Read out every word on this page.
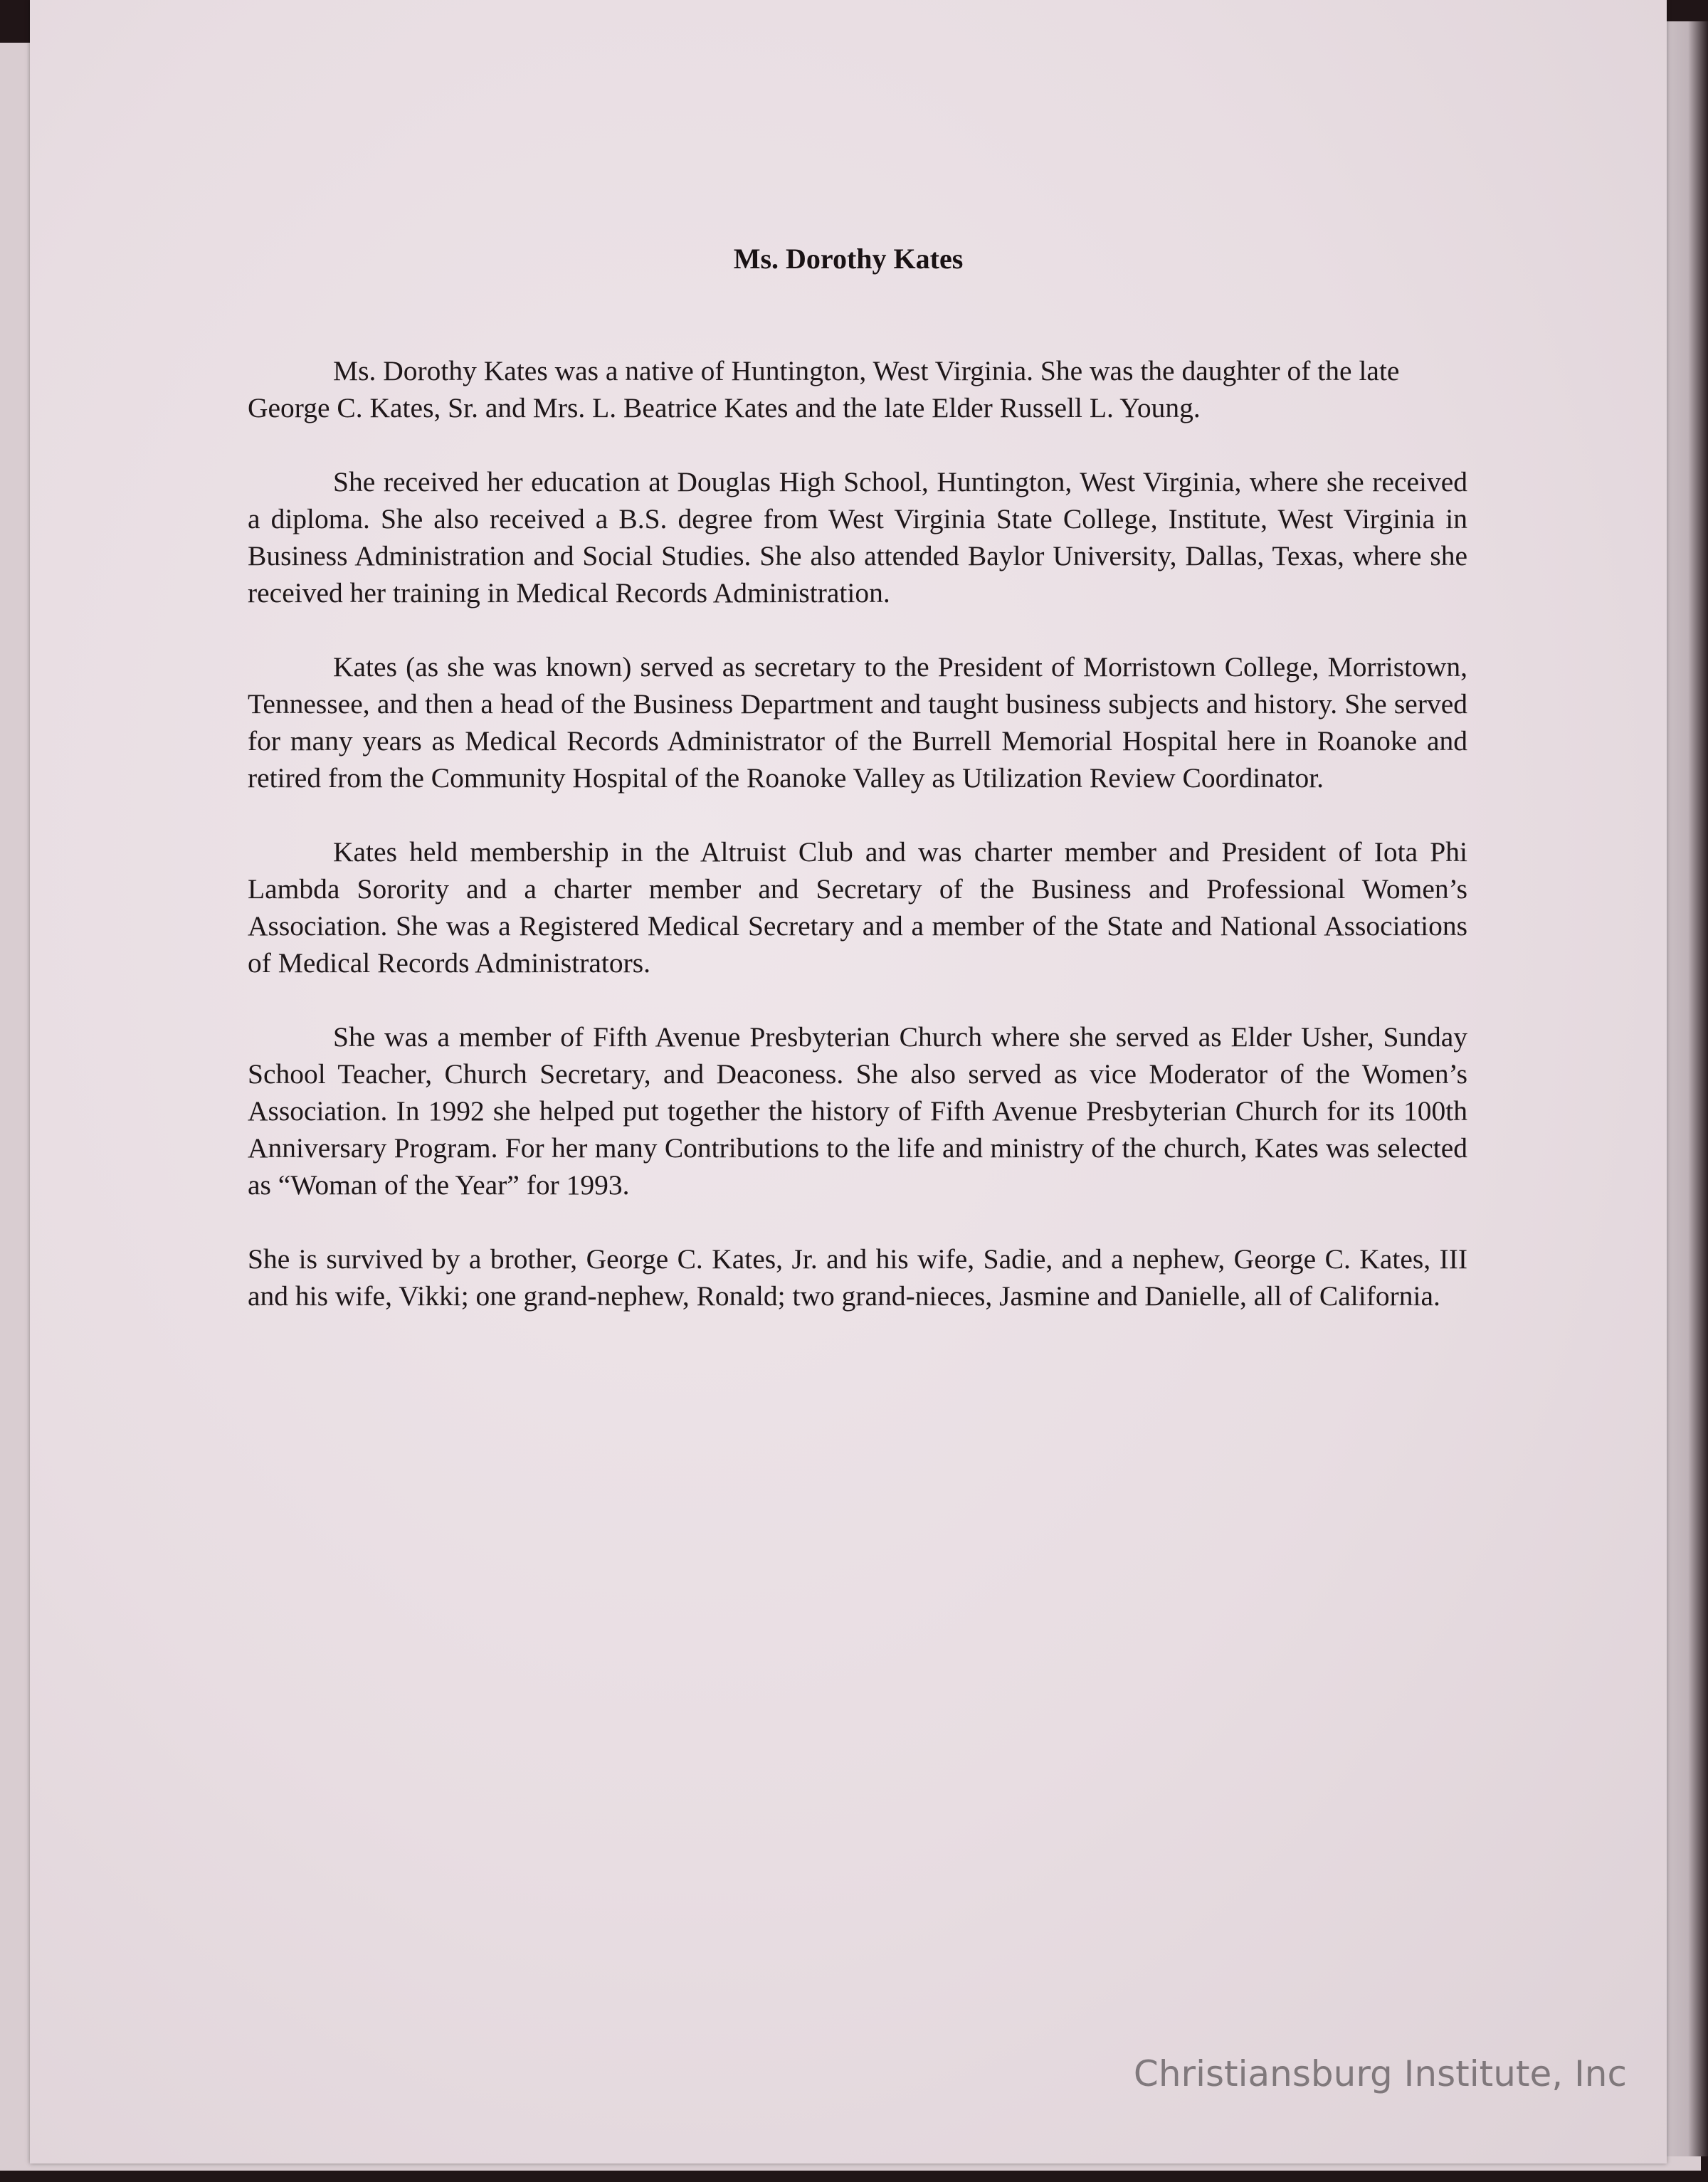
Ms. Dorothy Kates

Ms. Dorothy Kates was a native of Huntington, West Virginia. She was the daughter of the late George C. Kates, Sr. and Mrs. L. Beatrice Kates and the late Elder Russell L. Young.

She received her education at Douglas High School, Huntington, West Virginia, where she received a diploma. She also received a B.S. degree from West Virginia State College, Institute, West Virginia in Business Administration and Social Studies. She also attended Baylor University, Dallas, Texas, where she received her training in Medical Records Administration.

Kates (as she was known) served as secretary to the President of Morristown College, Morristown, Tennessee, and then a head of the Business Department and taught business subjects and history. She served for many years as Medical Records Administrator of the Burrell Memorial Hospital here in Roanoke and retired from the Community Hospital of the Roanoke Valley as Utilization Review Coordinator.

Kates held membership in the Altruist Club and was charter member and President of Iota Phi Lambda Sorority and a charter member and Secretary of the Business and Professional Women’s Association. She was a Registered Medical Secretary and a member of the State and National Associations of Medical Records Administrators.

She was a member of Fifth Avenue Presbyterian Church where she served as Elder Usher, Sunday School Teacher, Church Secretary, and Deaconess. She also served as vice Moderator of the Women’s Association. In 1992 she helped put together the history of Fifth Avenue Presbyterian Church for its 100th Anniversary Program. For her many Contributions to the life and ministry of the church, Kates was selected as “Woman of the Year” for 1993.

She is survived by a brother, George C. Kates, Jr. and his wife, Sadie, and a nephew, George C. Kates, III and his wife, Vikki; one grand-nephew, Ronald; two grand-nieces, Jasmine and Danielle, all of California.

Christiansburg Institute, Inc
